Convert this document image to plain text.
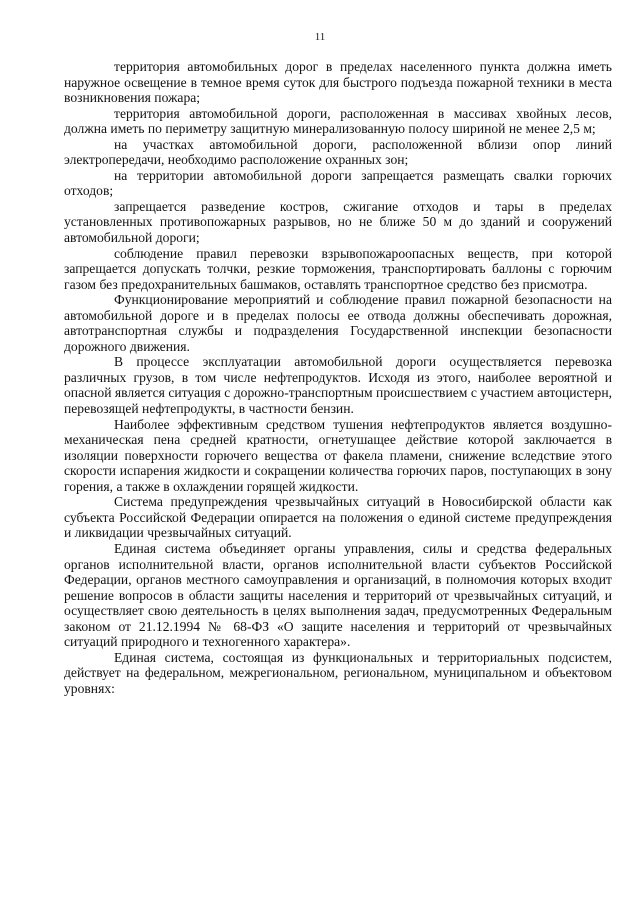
11

территория автомобильных дорог в пределах населенного пункта должна иметь наружное освещение в темное время суток для быстрого подъезда пожарной техники в места возникновения пожара;

территория автомобильной дороги, расположенная в массивах хвойных лесов, должна иметь по периметру защитную минерализованную полосу шириной не менее 2,5 м;

на участках автомобильной дороги, расположенной вблизи опор линий электропередачи, необходимо расположение охранных зон;

на территории автомобильной дороги запрещается размещать свалки горючих отходов;

запрещается разведение костров, сжигание отходов и тары в пределах установленных противопожарных разрывов, но не ближе 50 м до зданий и сооружений автомобильной дороги;

соблюдение правил перевозки взрывопожароопасных веществ, при которой запрещается допускать толчки, резкие торможения, транспортировать баллоны с горючим газом без предохранительных башмаков, оставлять транспортное средство без присмотра.

Функционирование мероприятий и соблюдение правил пожарной безопасности на автомобильной дороге и в пределах полосы ее отвода должны обеспечивать дорожная, автотранспортная службы и подразделения Государственной инспекции безопасности дорожного движения.

В процессе эксплуатации автомобильной дороги осуществляется перевозка различных грузов, в том числе нефтепродуктов. Исходя из этого, наиболее вероятной и опасной является ситуация с дорожно-транспортным происшествием с участием автоцистерн, перевозящей нефтепродукты, в частности бензин.

Наиболее эффективным средством тушения нефтепродуктов является воздушно-механическая пена средней кратности, огнетушащее действие которой заключается в изоляции поверхности горючего вещества от факела пламени, снижение вследствие этого скорости испарения жидкости и сокращении количества горючих паров, поступающих в зону горения, а также в охлаждении горящей жидкости.

Система предупреждения чрезвычайных ситуаций в Новосибирской области как субъекта Российской Федерации опирается на положения о единой системе предупреждения и ликвидации чрезвычайных ситуаций.

Единая система объединяет органы управления, силы и средства федеральных органов исполнительной власти, органов исполнительной власти субъектов Российской Федерации, органов местного самоуправления и организаций, в полномочия которых входит решение вопросов в области защиты населения и территорий от чрезвычайных ситуаций, и осуществляет свою деятельность в целях выполнения задач, предусмотренных Федеральным законом от 21.12.1994 № 68-ФЗ «О защите населения и территорий от чрезвычайных ситуаций природного и техногенного характера».

Единая система, состоящая из функциональных и территориальных подсистем, действует на федеральном, межрегиональном, региональном, муниципальном и объектовом уровнях:
